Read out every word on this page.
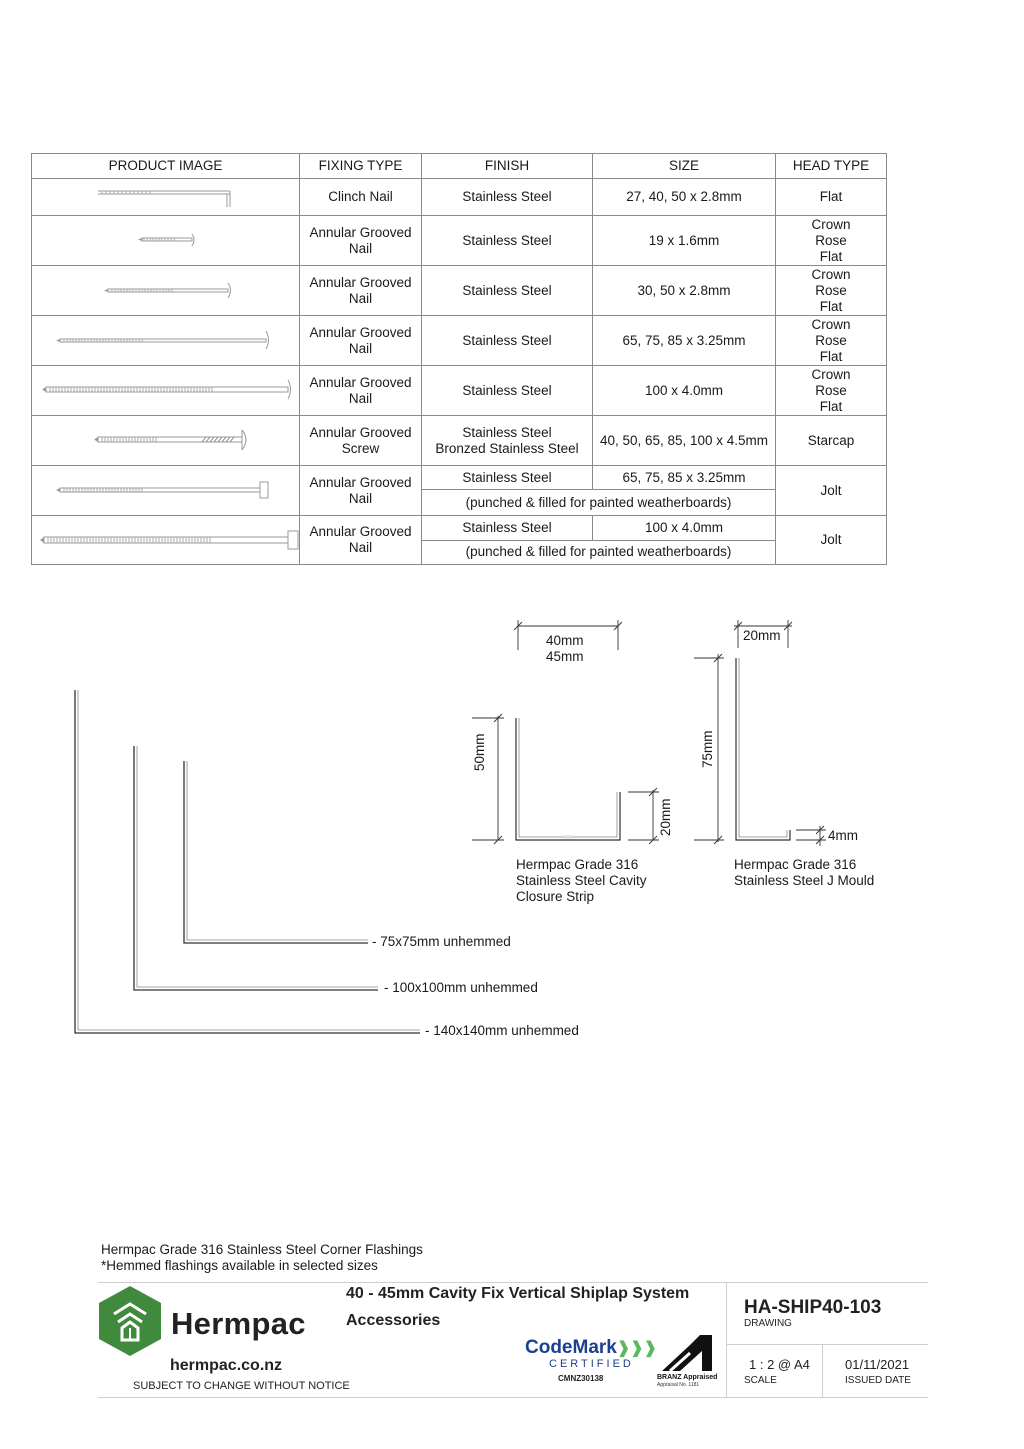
PRODUCT IMAGE	FIXING TYPE	FINISH	SIZE	HEAD TYPE

	Clinch Nail	Stainless Steel	27, 40, 50 x 2.8mm	Flat

	Annular Grooved
Nail	Stainless Steel	19 x 1.6mm	Crown
Rose
Flat

	Annular Grooved
Nail	Stainless Steel	30, 50 x 2.8mm	Crown
Rose
Flat

	Annular Grooved
Nail	Stainless Steel	65, 75, 85 x 3.25mm	Crown
Rose
Flat

	Annular Grooved
Nail	Stainless Steel	100 x 4.0mm	Crown
Rose
Flat

	Annular Grooved
Screw	Stainless Steel
Bronzed Stainless Steel	40, 50, 65, 85, 100 x 4.5mm	Starcap

	Annular Grooved
Nail	Stainless Steel	65, 75, 85 x 3.25mm	Jolt
		(punched & filled for painted weatherboards)		

	Annular Grooved
Nail	Stainless Steel	100 x 4.0mm	Jolt
		(punched & filled for painted weatherboards)		
- 75x75mm unhemmed
- 100x100mm unhemmed
- 140x140mm unhemmed
40mm
45mm
50mm
20mm
Hermpac Grade 316
Stainless Steel Cavity
Closure Strip
20mm
75mm
4mm
Hermpac Grade 316
Stainless Steel J Mould
Hermpac Grade 316 Stainless Steel Corner Flashings
*Hemmed flashings available in selected sizes
Hermpac
hermpac.co.nz
SUBJECT TO CHANGE WITHOUT NOTICE
40 - 45mm Cavity Fix Vertical Shiplap System
Accessories
CodeMark❱❱❱
CERTIFIED
CMNZ30138	BRANZ Appraised
Appraisal No. 1181
HA-SHIP40-103
DRAWING
1 : 2 @ A4
SCALE
01/11/2021
ISSUED DATE
